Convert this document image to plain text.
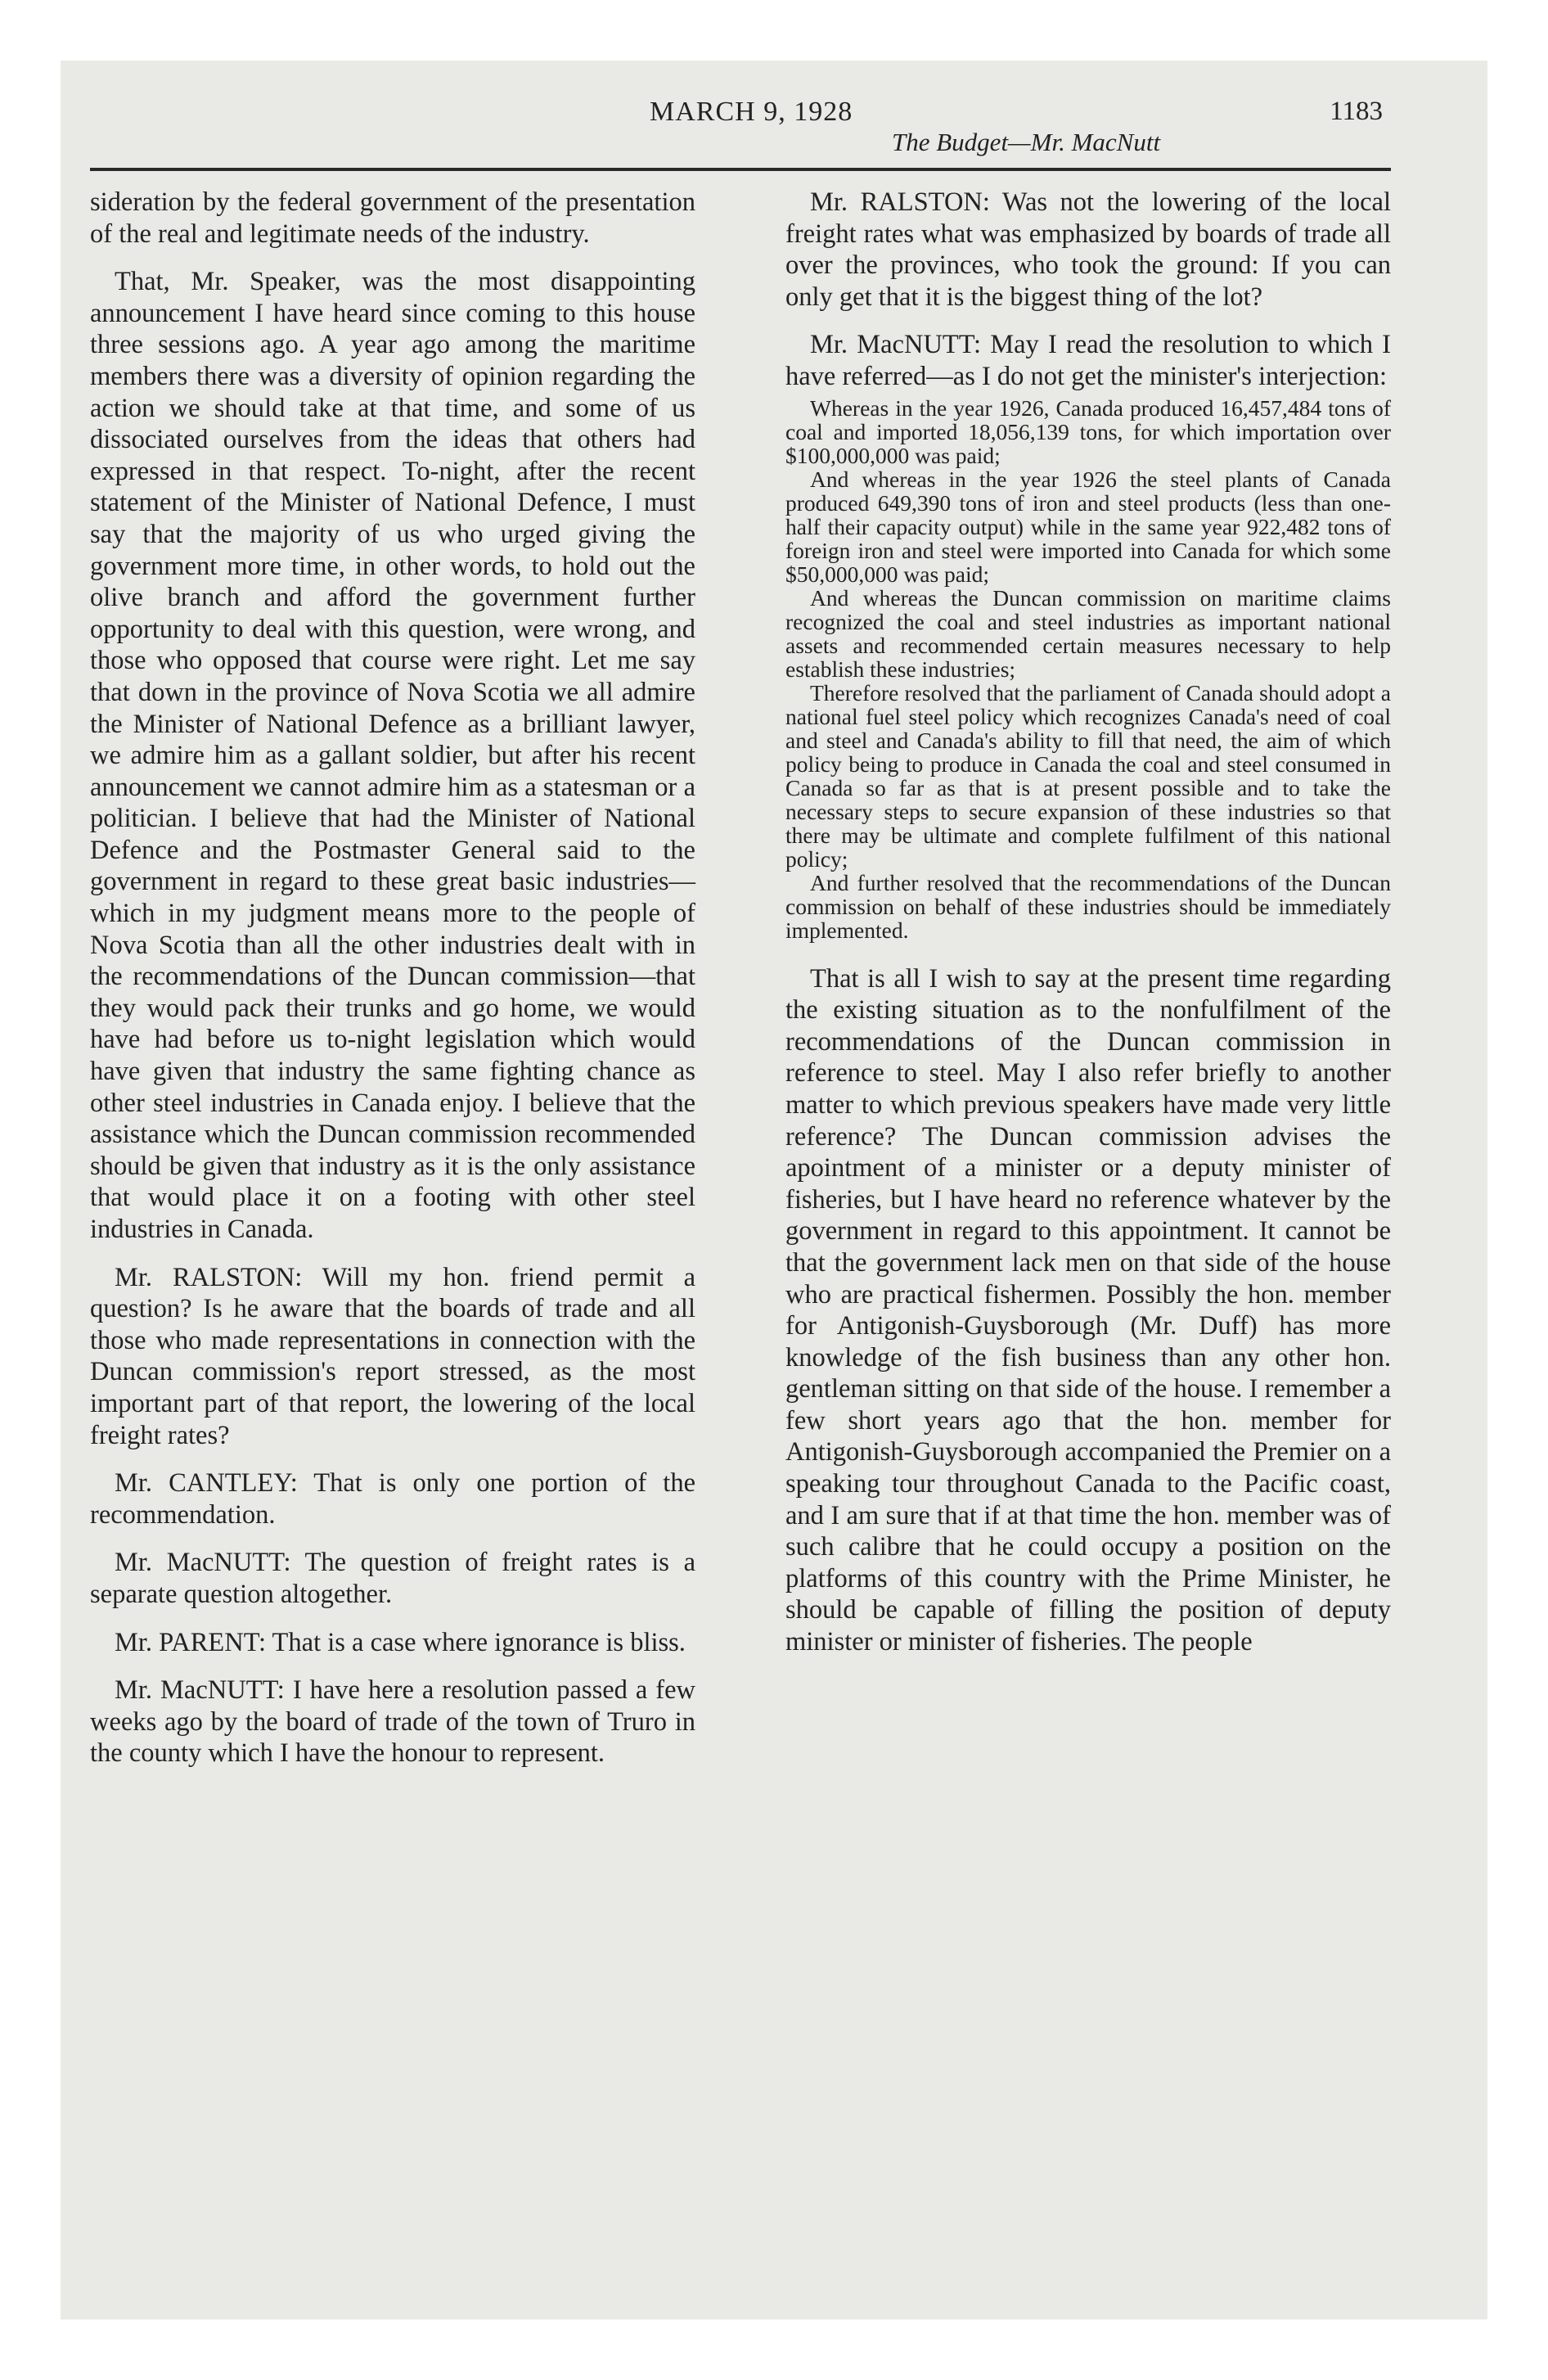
MARCH 9, 1928	1183
The Budget—Mr. MacNutt

sideration by the federal government of the presentation of the real and legitimate needs of the industry.

That, Mr. Speaker, was the most disappointing announcement I have heard since coming to this house three sessions ago. A year ago among the maritime members there was a diversity of opinion regarding the action we should take at that time, and some of us dissociated ourselves from the ideas that others had expressed in that respect. To-night, after the recent statement of the Minister of National Defence, I must say that the majority of us who urged giving the government more time, in other words, to hold out the olive branch and afford the government further opportunity to deal with this question, were wrong, and those who opposed that course were right. Let me say that down in the province of Nova Scotia we all admire the Minister of National Defence as a brilliant lawyer, we admire him as a gallant soldier, but after his recent announcement we cannot admire him as a statesman or a politician. I believe that had the Minister of National Defence and the Postmaster General said to the government in regard to these great basic industries—which in my judgment means more to the people of Nova Scotia than all the other industries dealt with in the recommendations of the Duncan commission—that they would pack their trunks and go home, we would have had before us to-night legislation which would have given that industry the same fighting chance as other steel industries in Canada enjoy. I believe that the assistance which the Duncan commission recommended should be given that industry as it is the only assistance that would place it on a footing with other steel industries in Canada.

Mr. RALSTON: Will my hon. friend permit a question? Is he aware that the boards of trade and all those who made representations in connection with the Duncan commission's report stressed, as the most important part of that report, the lowering of the local freight rates?

Mr. CANTLEY: That is only one portion of the recommendation.

Mr. MacNUTT: The question of freight rates is a separate question altogether.

Mr. PARENT: That is a case where ignorance is bliss.

Mr. MacNUTT: I have here a resolution passed a few weeks ago by the board of trade of the town of Truro in the county which I have the honour to represent.

Mr. RALSTON: Was not the lowering of the local freight rates what was emphasized by boards of trade all over the provinces, who took the ground: If you can only get that it is the biggest thing of the lot?

Mr. MacNUTT: May I read the resolution to which I have referred—as I do not get the minister's interjection:

Whereas in the year 1926, Canada produced 16,457,484 tons of coal and imported 18,056,139 tons, for which importation over $100,000,000 was paid;

And whereas in the year 1926 the steel plants of Canada produced 649,390 tons of iron and steel products (less than one-half their capacity output) while in the same year 922,482 tons of foreign iron and steel were imported into Canada for which some $50,000,000 was paid;

And whereas the Duncan commission on maritime claims recognized the coal and steel industries as important national assets and recommended certain measures necessary to help establish these industries;

Therefore resolved that the parliament of Canada should adopt a national fuel steel policy which recognizes Canada's need of coal and steel and Canada's ability to fill that need, the aim of which policy being to produce in Canada the coal and steel consumed in Canada so far as that is at present possible and to take the necessary steps to secure expansion of these industries so that there may be ultimate and complete fulfilment of this national policy;

And further resolved that the recommendations of the Duncan commission on behalf of these industries should be immediately implemented.

That is all I wish to say at the present time regarding the existing situation as to the nonfulfilment of the recommendations of the Duncan commission in reference to steel. May I also refer briefly to another matter to which previous speakers have made very little reference? The Duncan commission advises the apointment of a minister or a deputy minister of fisheries, but I have heard no reference whatever by the government in regard to this appointment. It cannot be that the government lack men on that side of the house who are practical fishermen. Possibly the hon. member for Antigonish-Guysborough (Mr. Duff) has more knowledge of the fish business than any other hon. gentleman sitting on that side of the house. I remember a few short years ago that the hon. member for Antigonish-Guysborough accompanied the Premier on a speaking tour throughout Canada to the Pacific coast, and I am sure that if at that time the hon. member was of such calibre that he could occupy a position on the platforms of this country with the Prime Minister, he should be capable of filling the position of deputy minister or minister of fisheries. The people
